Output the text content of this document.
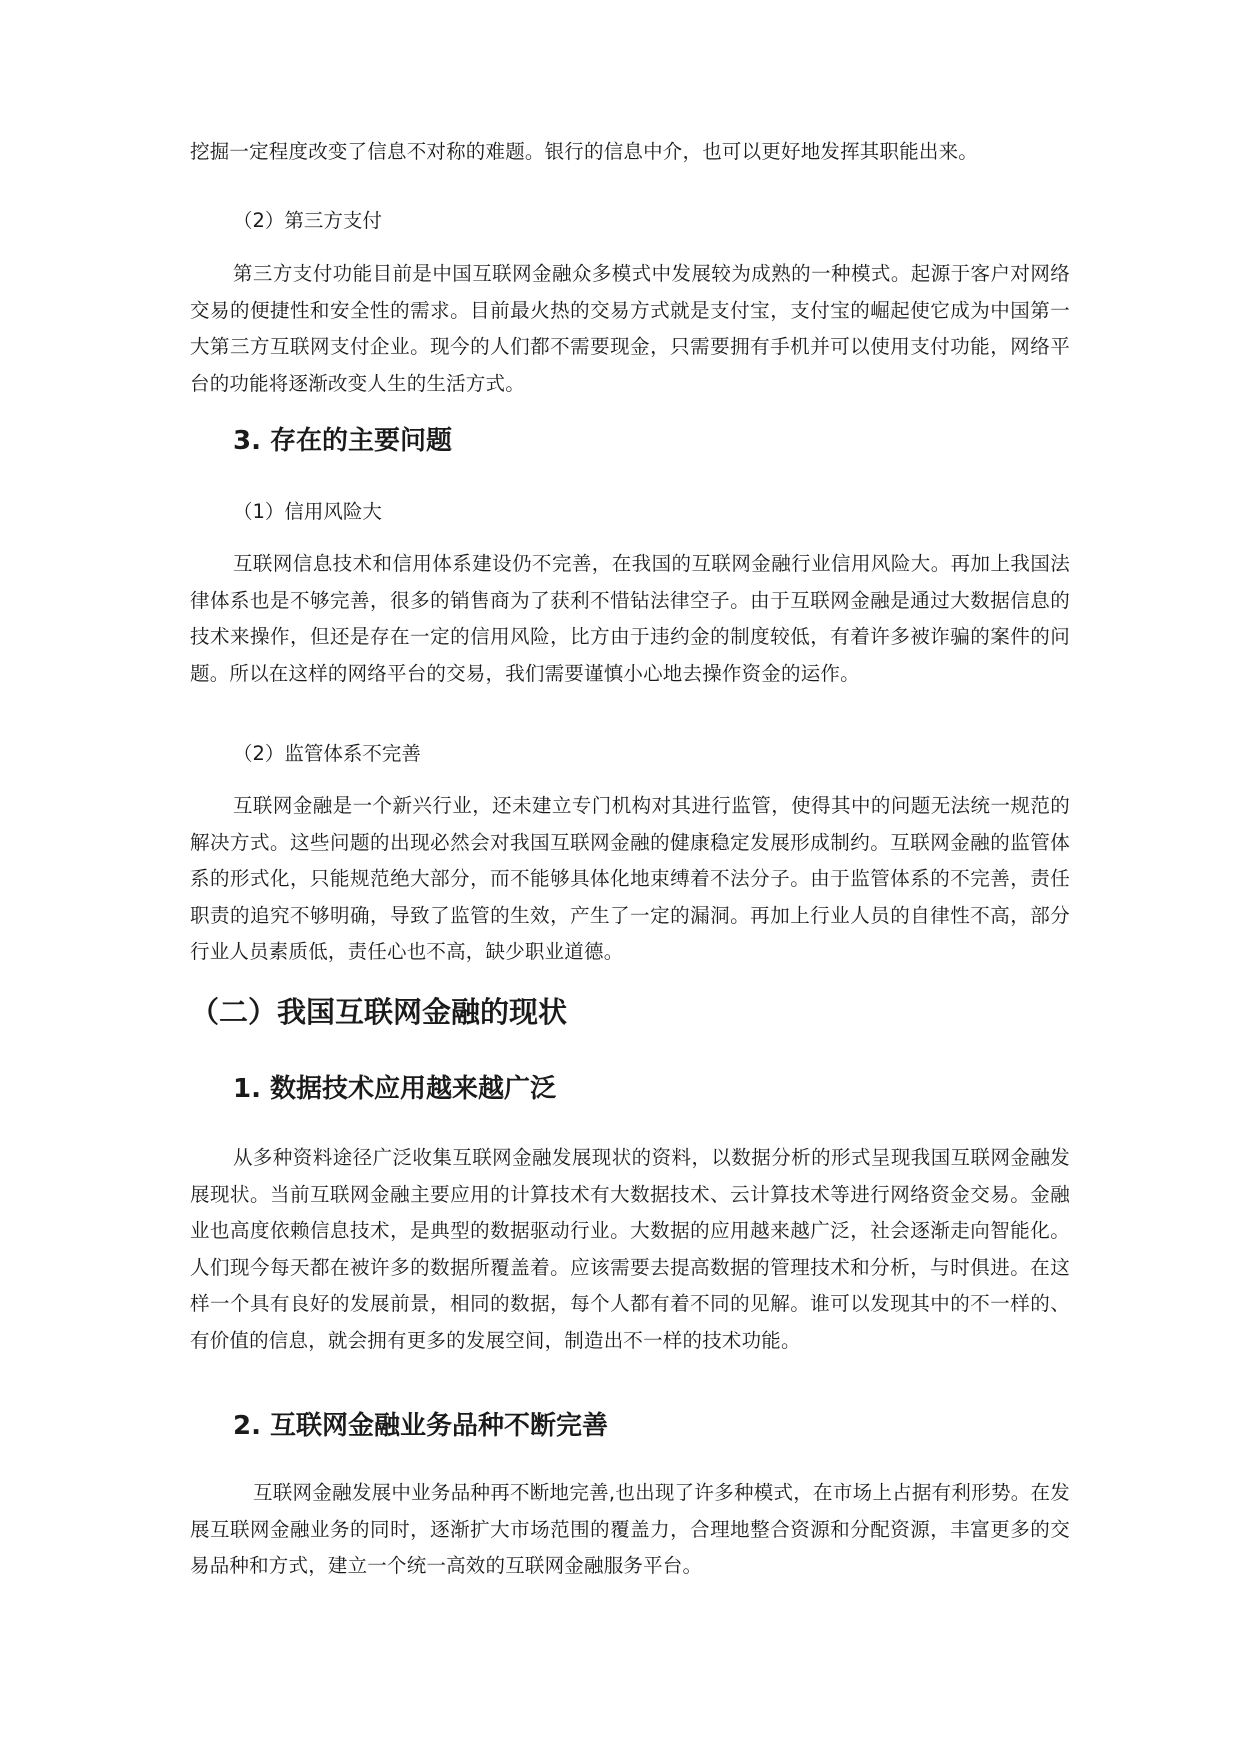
挖掘一定程度改变了信息不对称的难题。银行的信息中介，也可以更好地发挥其职能出来。

（2）第三方支付

第三方支付功能目前是中国互联网金融众多模式中发展较为成熟的一种模式。起源于客户对网络交易的便捷性和安全性的需求。目前最火热的交易方式就是支付宝，支付宝的崛起使它成为中国第一大第三方互联网支付企业。现今的人们都不需要现金，只需要拥有手机并可以使用支付功能，网络平台的功能将逐渐改变人生的生活方式。

3. 存在的主要问题

（1）信用风险大

互联网信息技术和信用体系建设仍不完善，在我国的互联网金融行业信用风险大。再加上我国法律体系也是不够完善，很多的销售商为了获利不惜钻法律空子。由于互联网金融是通过大数据信息的技术来操作，但还是存在一定的信用风险，比方由于违约金的制度较低，有着许多被诈骗的案件的问题。所以在这样的网络平台的交易，我们需要谨慎小心地去操作资金的运作。

（2）监管体系不完善

互联网金融是一个新兴行业，还未建立专门机构对其进行监管，使得其中的问题无法统一规范的解决方式。这些问题的出现必然会对我国互联网金融的健康稳定发展形成制约。互联网金融的监管体系的形式化，只能规范绝大部分，而不能够具体化地束缚着不法分子。由于监管体系的不完善，责任职责的追究不够明确，导致了监管的生效，产生了一定的漏洞。再加上行业人员的自律性不高，部分行业人员素质低，责任心也不高，缺少职业道德。

（二）我国互联网金融的现状
1. 数据技术应用越来越广泛

从多种资料途径广泛收集互联网金融发展现状的资料，以数据分析的形式呈现我国互联网金融发展现状。当前互联网金融主要应用的计算技术有大数据技术、云计算技术等进行网络资金交易。金融业也高度依赖信息技术，是典型的数据驱动行业。大数据的应用越来越广泛，社会逐渐走向智能化。人们现今每天都在被许多的数据所覆盖着。应该需要去提高数据的管理技术和分析，与时俱进。在这样一个具有良好的发展前景，相同的数据，每个人都有着不同的见解。谁可以发现其中的不一样的、有价值的信息，就会拥有更多的发展空间，制造出不一样的技术功能。

2. 互联网金融业务品种不断完善

互联网金融发展中业务品种再不断地完善,也出现了许多种模式，在市场上占据有利形势。在发展互联网金融业务的同时，逐渐扩大市场范围的覆盖力，合理地整合资源和分配资源，丰富更多的交易品种和方式，建立一个统一高效的互联网金融服务平台。
